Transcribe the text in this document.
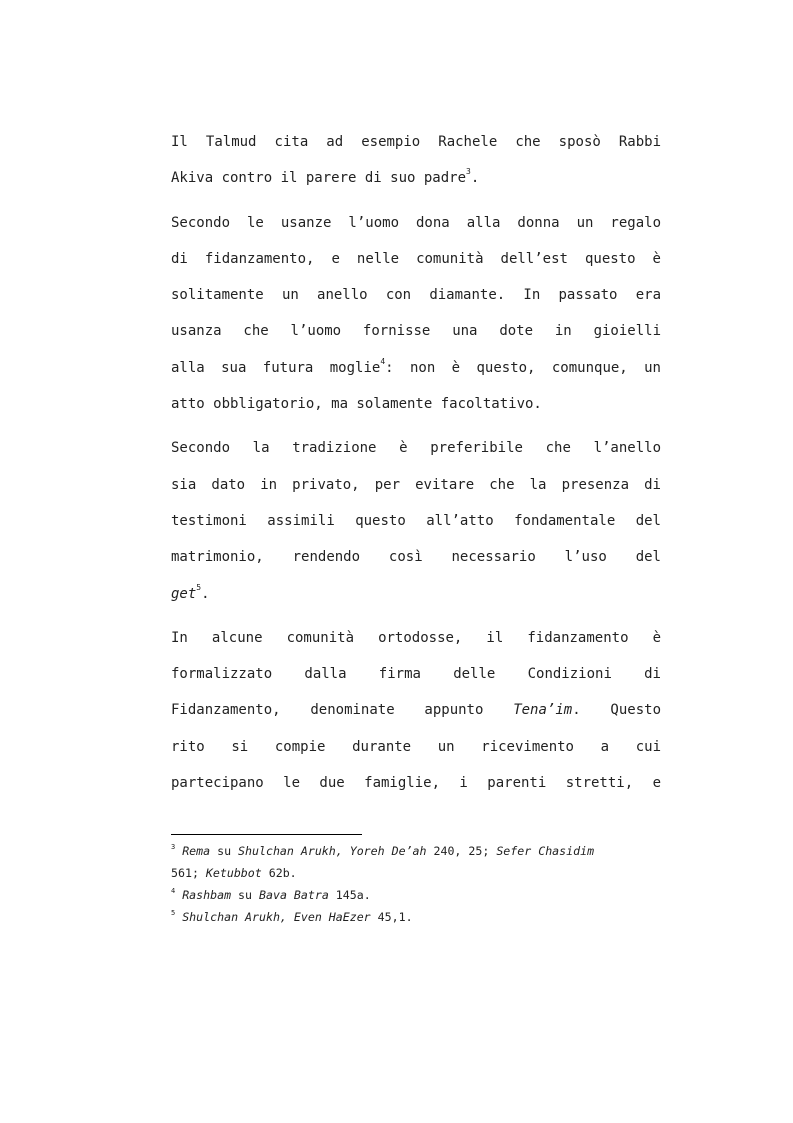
Il Talmud cita ad esempio Rachele che sposò Rabbi
Akiva contro il parere di suo padre$^3$.
Secondo le usanze l’uomo dona alla donna un regalo
di fidanzamento, e nelle comunità dell’est questo è
solitamente un anello con diamante. In passato era
usanza che l’uomo fornisse una dote in gioielli
alla sua futura moglie$^4$: non è questo, comunque, un
atto obbligatorio, ma solamente facoltativo.
Secondo la tradizione è preferibile che l’anello
sia dato in privato, per evitare che la presenza di
testimoni assimili questo all’atto fondamentale del
matrimonio, rendendo così necessario l’uso del
get$^5$.
In alcune comunità ortodosse, il fidanzamento è
formalizzato dalla firma delle Condizioni di
Fidanzamento, denominate appunto Tena’im. Questo
rito si compie durante un ricevimento a cui
partecipano le due famiglie, i parenti stretti, e
$^3$ Rema su Shulchan Arukh, Yoreh De’ah 240, 25; Sefer Chasidim
561; Ketubbot 62b.
$^4$ Rashbam su Bava Batra 145a.
$^5$ Shulchan Arukh, Even HaEzer 45,1.
